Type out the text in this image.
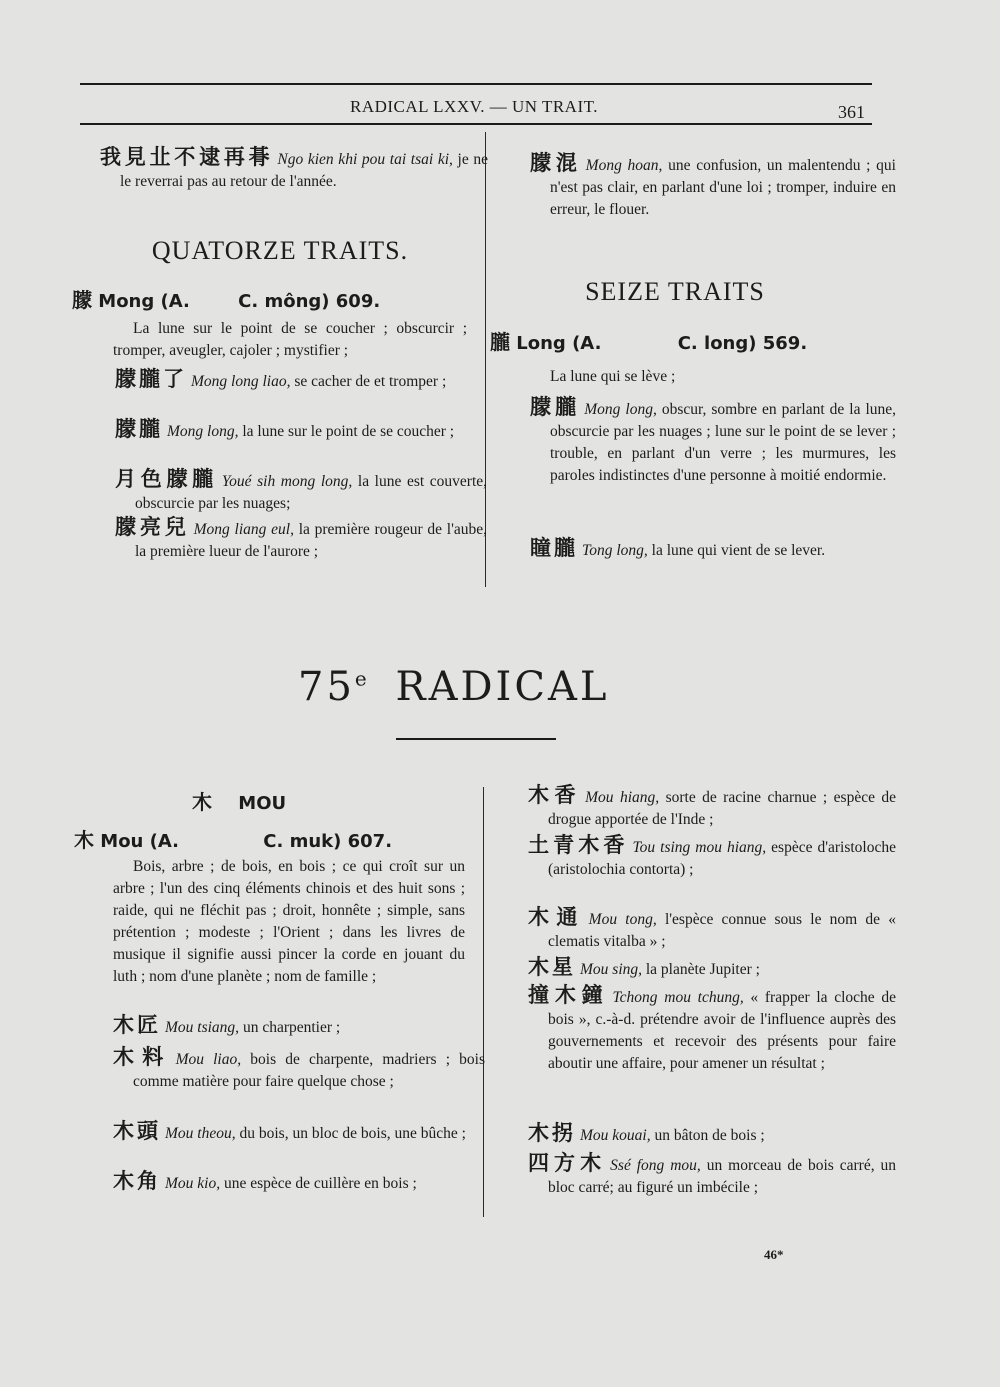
RADICAL LXXV. — UN TRAIT.	361
我見㐀不逮再朞 Ngo kien khi pou tai tsai ki, je ne le reverrai pas au retour de l'année.
QUATORZE TRAITS.
朦 Mong (A.	C. mông) 609.
La lune sur le point de se coucher ; obscurcir ; tromper, aveugler, cajoler ; mystifier ;
朦朧了 Mong long liao, se cacher de et tromper ;
朦朧 Mong long, la lune sur le point de se coucher ;
月色朦朧 Youé sih mong long, la lune est couverte, obscurcie par les nuages;
朦亮兒 Mong liang eul, la première rougeur de l'aube, la première lueur de l'aurore ;
朦混 Mong hoan, une confusion, un malentendu ; qui n'est pas clair, en parlant d'une loi ; tromper, induire en erreur, le flouer.
SEIZE TRAITS
朧 Long (A.	C. long) 569.
La lune qui se lève ;
朦朧 Mong long, obscur, sombre en parlant de la lune, obscurcie par les nuages ; lune sur le point de se lever ; trouble, en parlant d'un verre ; les murmures, les paroles indistinctes d'une personne à moitié endormie.
瞳朧 Tong long, la lune qui vient de se lever.
75e RADICAL
木 MOU
木 Mou (A.	C. muk) 607.
Bois, arbre ; de bois, en bois ; ce qui croît sur un arbre ; l'un des cinq éléments chinois et des huit sons ; raide, qui ne fléchit pas ; droit, honnête ; simple, sans prétention ; modeste ; l'Orient ; dans les livres de musique il signifie aussi pincer la corde en jouant du luth ; nom d'une planète ; nom de famille ;
木匠 Mou tsiang, un charpentier ;
木料 Mou liao, bois de charpente, madriers ; bois comme matière pour faire quelque chose ;
木頭 Mou theou, du bois, un bloc de bois, une bûche ;
木角 Mou kio, une espèce de cuillère en bois ;
木香 Mou hiang, sorte de racine charnue ; espèce de drogue apportée de l'Inde ;
土青木香 Tou tsing mou hiang, espèce d'aristoloche (aristolochia contorta) ;
木通 Mou tong, l'espèce connue sous le nom de « clematis vitalba » ;
木星 Mou sing, la planète Jupiter ;
撞木鐘 Tchong mou tchung, « frapper la cloche de bois », c.-à-d. prétendre avoir de l'influence auprès des gouvernements et recevoir des présents pour faire aboutir une affaire, pour amener un résultat ;
木拐 Mou kouai, un bâton de bois ;
四方木 Ssé fong mou, un morceau de bois carré, un bloc carré; au figuré un imbécile ;
46*
